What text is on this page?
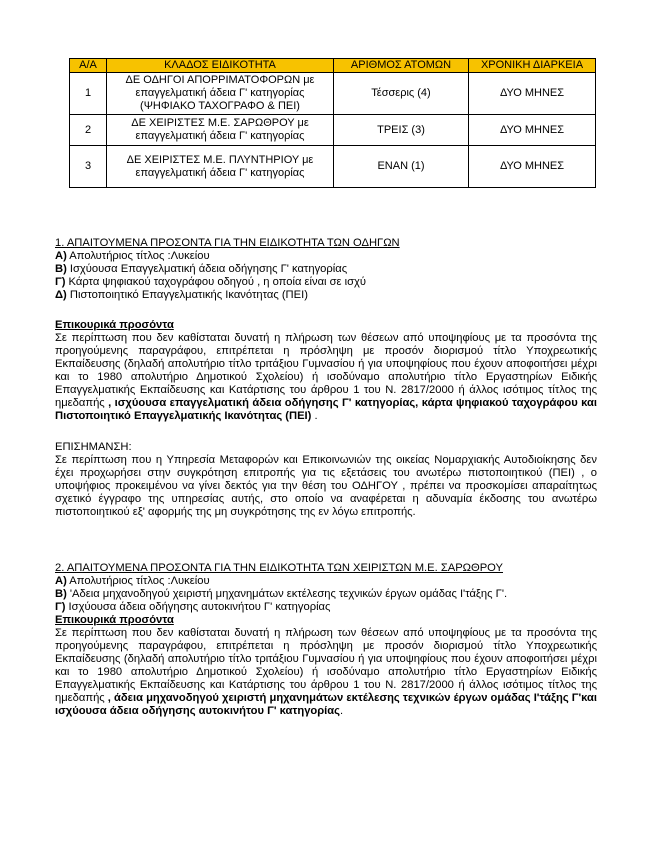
Α/Α	ΚΛΑΔΟΣ ΕΙΔΙΚΟΤΗΤΑ	ΑΡΙΘΜΟΣ ΑΤΟΜΩΝ	ΧΡΟΝΙΚΗ ΔΙΑΡΚΕΙΑ
1	ΔΕ ΟΔΗΓΟΙ ΑΠΟΡΡΙΜΑΤΟΦΟΡΩΝ με
επαγγελματική άδεια Γ' κατηγορίας
(ΨΗΦΙΑΚΟ ΤΑΧΟΓΡΑΦΟ & ΠΕΙ)	Τέσσερις (4)	ΔΥΟ ΜΗΝΕΣ
2	ΔΕ ΧΕΙΡΙΣΤΕΣ Μ.Ε. ΣΑΡΩΘΡΟΥ με
επαγγελματική άδεια Γ' κατηγορίας	ΤΡΕΙΣ (3)	ΔΥΟ ΜΗΝΕΣ
3	ΔΕ ΧΕΙΡΙΣΤΕΣ Μ.Ε. ΠΛΥΝΤΗΡΙΟΥ με
επαγγελματική άδεια Γ' κατηγορίας	ΕΝΑΝ (1)	ΔΥΟ ΜΗΝΕΣ
1. ΑΠΑΙΤΟΥΜΕΝΑ ΠΡΟΣΟΝΤΑ ΓΙΑ ΤΗΝ ΕΙΔΙΚΟΤΗΤΑ ΤΩΝ ΟΔΗΓΩΝ
Α) Απολυτήριος τίτλος :Λυκείου
Β) Ισχύουσα Επαγγελματική άδεια οδήγησης Γ' κατηγορίας
Γ) Κάρτα ψηφιακού ταχογράφου οδηγού , η οποία είναι σε ισχύ
Δ) Πιστοποιητικό Επαγγελματικής Ικανότητας (ΠΕΙ)
Επικουρικά προσόντα
Σε περίπτωση που δεν καθίσταται δυνατή η πλήρωση των θέσεων από υποψηφίους με τα προσόντα της προηγούμενης παραγράφου, επιτρέπεται η πρόσληψη με προσόν διορισμού τίτλο Υποχρεωτικής Εκπαίδευσης (δηλαδή απολυτήριο τίτλο τριτάξιου Γυμνασίου ή για υποψηφίους που έχουν αποφοιτήσει μέχρι και το 1980 απολυτήριο Δημοτικού Σχολείου) ή ισοδύναμο απολυτήριο τίτλο Εργαστηρίων Ειδικής Επαγγελματικής Εκπαίδευσης και Κατάρτισης του άρθρου 1 του Ν. 2817/2000 ή άλλος ισότιμος τίτλος της ημεδαπής , ισχύουσα επαγγελματική άδεια οδήγησης Γ' κατηγορίας, κάρτα ψηφιακού ταχογράφου και Πιστοποιητικό Επαγγελματικής Ικανότητας (ΠΕΙ) .
ΕΠΙΣΗΜΑΝΣΗ:
Σε περίπτωση που η Υπηρεσία Μεταφορών και Επικοινωνιών της οικείας Νομαρχιακής Αυτοδιοίκησης δεν έχει προχωρήσει στην συγκρότηση επιτροπής για τις εξετάσεις του ανωτέρω πιστοποιητικού (ΠΕΙ) , ο υποψήφιος προκειμένου να γίνει δεκτός για την θέση του ΟΔΗΓΟΥ , πρέπει να προσκομίσει απαραίτητως σχετικό έγγραφο της υπηρεσίας αυτής, στο οποίο να αναφέρεται η αδυναμία έκδοσης του ανωτέρω πιστοποιητικού εξ' αφορμής της μη συγκρότησης της εν λόγω επιτροπής.
2. ΑΠΑΙΤΟΥΜΕΝΑ ΠΡΟΣΟΝΤΑ ΓΙΑ ΤΗΝ ΕΙΔΙΚΟΤΗΤΑ ΤΩΝ ΧΕΙΡΙΣΤΩΝ Μ.Ε. ΣΑΡΩΘΡΟΥ
Α) Απολυτήριος τίτλος :Λυκείου
Β) 'Αδεια μηχανοδηγού χειριστή μηχανημάτων εκτέλεσης τεχνικών έργων ομάδας Ι'τάξης Γ'.
Γ) Ισχύουσα άδεια οδήγησης αυτοκινήτου Γ' κατηγορίας
Επικουρικά προσόντα
Σε περίπτωση που δεν καθίσταται δυνατή η πλήρωση των θέσεων από υποψηφίους με τα προσόντα της προηγούμενης παραγράφου, επιτρέπεται η πρόσληψη με προσόν διορισμού τίτλο Υποχρεωτικής Εκπαίδευσης (δηλαδή απολυτήριο τίτλο τριτάξιου Γυμνασίου ή για υποψηφίους που έχουν αποφοιτήσει μέχρι και το 1980 απολυτήριο Δημοτικού Σχολείου) ή ισοδύναμο απολυτήριο τίτλο Εργαστηρίων Ειδικής Επαγγελματικής Εκπαίδευσης και Κατάρτισης του άρθρου 1 του Ν. 2817/2000 ή άλλος ισότιμος τίτλος της ημεδαπής , άδεια μηχανοδηγού χειριστή μηχανημάτων εκτέλεσης τεχνικών έργων ομάδας Ι'τάξης Γ'και ισχύουσα άδεια οδήγησης αυτοκινήτου Γ' κατηγορίας.
